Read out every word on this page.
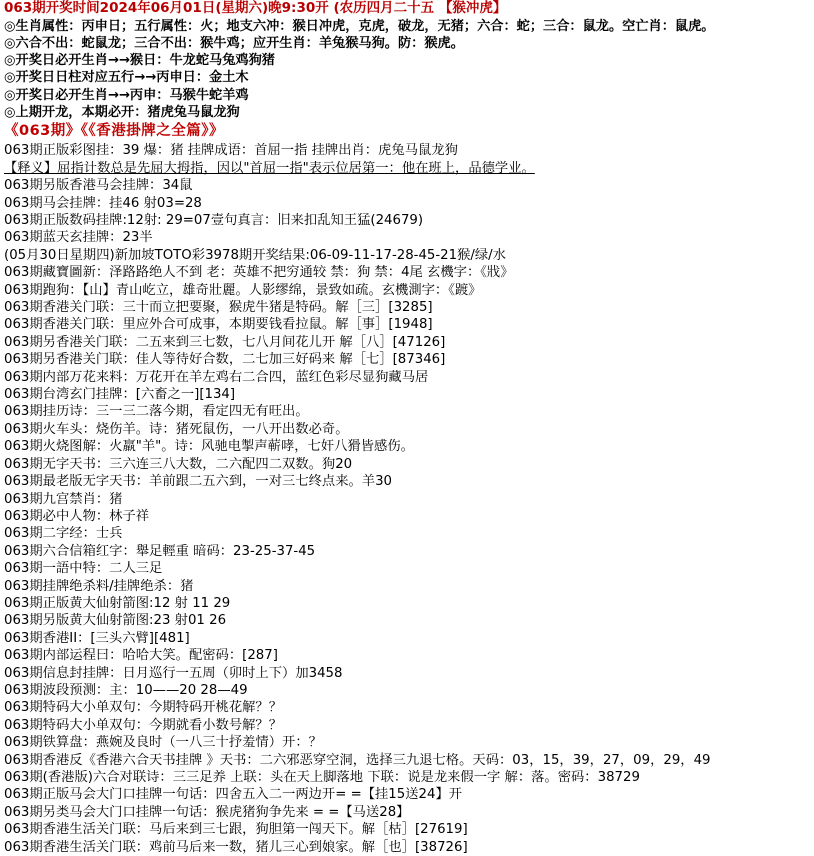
063期开奖时间2024年06月01日(星期六)晚9:30开 (农历四月二十五 【猴冲虎】
◎生肖属性：丙申日；五行属性：火；地支六冲：猴日冲虎，克虎，破龙，无猪；六合：蛇；三合：鼠龙。空亡肖：鼠虎。
◎六合不出：蛇鼠龙；三合不出：猴牛鸡；应开生肖：羊兔猴马狗。防：猴虎。
◎开奖日必开生肖→→猴日：牛龙蛇马兔鸡狗猪
◎开奖日日柱对应五行→→丙申日：金土木
◎开奖日必开生肖→→丙申：马猴牛蛇羊鸡
◎上期开龙，本期必开：猪虎兔马鼠龙狗
《063期》《《香港掛牌之全篇》》
063期正版彩图挂：39 爆：猪 挂牌成语：首屈一指 挂牌出肖：虎兔马鼠龙狗
【释义】屈指计数总是先屈大拇指，因以"首屈一指"表示位居第一：他在班上，品德学业。
063期另版香港马会挂牌：34鼠
063期马会挂牌：挂46 射03=28
063期正版数码挂牌:12射: 29=07壹句真言：旧来扣乱知王猛(24679)
063期蓝天玄挂牌：23半
(05月30日星期四)新加坡TOTO彩3978期开奖结果:06-09-11-17-28-45-21猴/绿/水
063期藏寶圖新：泽路路绝人不到 老：英雄不把穷通较 禁：狗 禁：4尾 玄機字：《戕》
063期跑狗：【山】青山屹立，雄奇壯麗。人影缪绵，景致如疏。玄機測字：《踱》
063期香港关门联：三十而立把要聚，猴虎牛猪是特码。解［三］[3285]
063期香港关门联：里应外合可成事，本期要钱看拉鼠。解［事］[1948]
063期另香港关门联：二五来到三七数，七八月间花儿开 解［八］[47126]
063期另香港关门联：佳人等待好合数，二七加三好码来 解［七］[87346]
063期内部万花来料：万花开在羊左鸡右二合四，蓝红色彩尽显狗藏马居
063期台湾玄门挂牌：[六畜之一][134]
063期挂历诗：三一三二落今期，看定四无有旺出。
063期火车头：烧伤羊。诗：猪死鼠伤，一八开出数必奇。
063期火烧图解：火羸"羊"。诗：风驰电掣声蕲哮，七奸八猾皆感伤。
063期无字天书：三六连三八大数，二六配四二双数。狗20
063期最老版无字天书：羊前跟二五六到，一对三七终点来。羊30
063期九宫禁肖：猪
063期必中人物：林子祥
063期二字经：士兵
063期六合信箱红字：舉足輕重 暗码：23-25-37-45
063期一語中特：二人三足
063期挂牌绝杀料/挂牌绝杀：猪
063期正版黄大仙射箭图:12 射 11 29
063期另版黄大仙射箭图:23 射01 26
063期香港II：[三头六臂][481]
063期内部运程曰：哈哈大笑。配密码：[287]
063期信息封挂牌：日月巡行一五周（卯时上下）加3458
063期波段预测：主：10——20 28—49
063期特码大小单双句：今期特码开桃花解？？
063期特码大小单双句：今期就看小数号解？？
063期铁算盘：燕婉及良时（一八三十抒羞情）开：？
063期香港反《香港六合天书挂牌 》天书：二六邪恶穿空洞，选择三九退七格。天码：03，15，39，27，09，29，49
063期(香港版)六合对联诗：三三足养 上联：头在天上脚落地 下联：说是龙来假一字 解：落。密码：38729
063期正版马会大门口挂牌一句话：四舍五入二一两边开= =【挂15送24】开
063期另类马会大门口挂牌一句话：猴虎猪狗争先来 = =【马送28】
063期香港生活关门联：马后来到三七跟，狗胆第一闯天下。解［枯］[27619]
063期香港生活关门联：鸡前马后来一数，猪儿三心到娘家。解［也］[38726]
